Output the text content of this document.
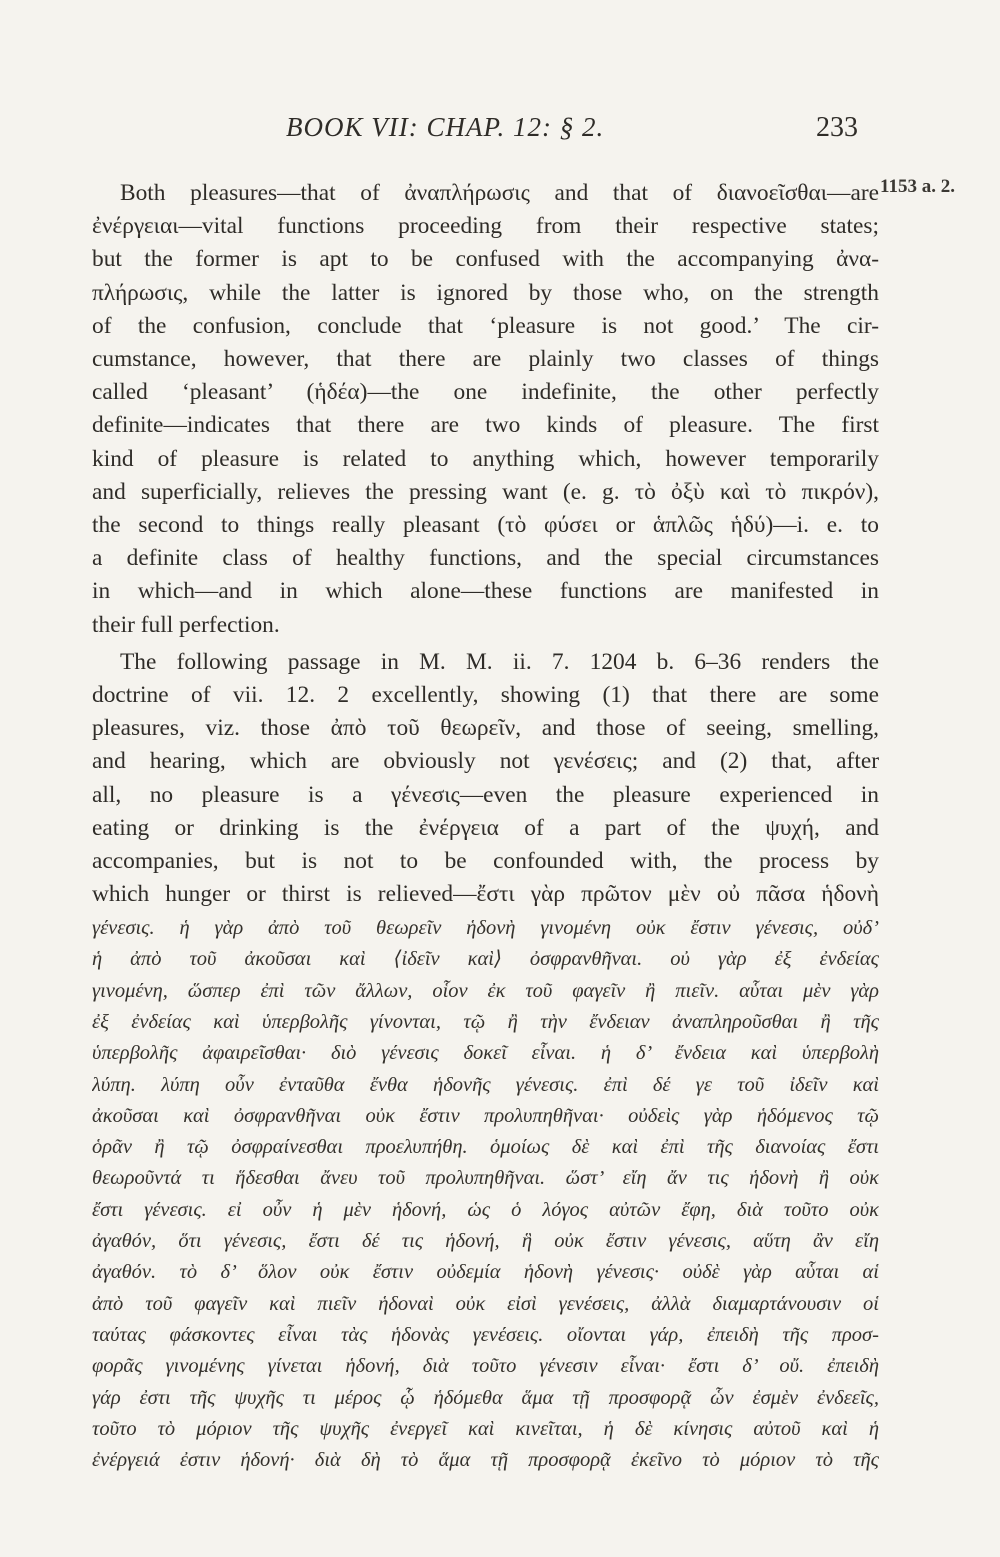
BOOK VII: CHAP. 12: § 2.	233
1153 a. 2.
Both pleasures—that of ἀναπλήρωσις and that of διανοεῖσθαι—are
ἐνέργειαι—vital functions proceeding from their respective states;
but the former is apt to be confused with the accompanying ἀνα-
πλήρωσις, while the latter is ignored by those who, on the strength
of the confusion, conclude that ‘pleasure is not good.’ The cir-
cumstance, however, that there are plainly two classes of things
called ‘pleasant’ (ἡδέα)—the one indefinite, the other perfectly
definite—indicates that there are two kinds of pleasure. The first
kind of pleasure is related to anything which, however temporarily
and superficially, relieves the pressing want (e. g. τὸ ὀξὺ καὶ τὸ πικρόν),
the second to things really pleasant (τὸ φύσει or ἁπλῶς ἡδύ)—i. e. to
a definite class of healthy functions, and the special circumstances
in which—and in which alone—these functions are manifested in
their full perfection.
The following passage in M. M. ii. 7. 1204 b. 6–36 renders the
doctrine of vii. 12. 2 excellently, showing (1) that there are some
pleasures, viz. those ἀπὸ τοῦ θεωρεῖν, and those of seeing, smelling,
and hearing, which are obviously not γενέσεις; and (2) that, after
all, no pleasure is a γένεσις—even the pleasure experienced in
eating or drinking is the ἐνέργεια of a part of the ψυχή, and
accompanies, but is not to be confounded with, the process by
which hunger or thirst is relieved—ἔστι γὰρ πρῶτον μὲν οὐ πᾶσα ἡδονὴ
γένεσις. ἡ γὰρ ἀπὸ τοῦ θεωρεῖν ἡδονὴ γινομένη οὐκ ἔστιν γένεσις, οὐδ’
ἡ ἀπὸ τοῦ ἀκοῦσαι καὶ ⟨ἰδεῖν καὶ⟩ ὀσφρανθῆναι. οὐ γὰρ ἐξ ἐνδείας
γινομένη, ὥσπερ ἐπὶ τῶν ἄλλων, οἷον ἐκ τοῦ φαγεῖν ἢ πιεῖν. αὗται μὲν γὰρ
ἐξ ἐνδείας καὶ ὑπερβολῆς γίνονται, τῷ ἢ τὴν ἔνδειαν ἀναπληροῦσθαι ἢ τῆς
ὑπερβολῆς ἀφαιρεῖσθαι· διὸ γένεσις δοκεῖ εἶναι. ἡ δ’ ἔνδεια καὶ ὑπερβολὴ
λύπη. λύπη οὖν ἐνταῦθα ἔνθα ἡδονῆς γένεσις. ἐπὶ δέ γε τοῦ ἰδεῖν καὶ
ἀκοῦσαι καὶ ὀσφρανθῆναι οὐκ ἔστιν προλυπηθῆναι· οὐδεὶς γὰρ ἡδόμενος τῷ
ὁρᾶν ἢ τῷ ὀσφραίνεσθαι προελυπήθη. ὁμοίως δὲ καὶ ἐπὶ τῆς διανοίας ἔστι
θεωροῦντά τι ἥδεσθαι ἄνευ τοῦ προλυπηθῆναι. ὥστ’ εἴη ἄν τις ἡδονὴ ἢ οὐκ
ἔστι γένεσις. εἰ οὖν ἡ μὲν ἡδονή, ὡς ὁ λόγος αὐτῶν ἔφη, διὰ τοῦτο οὐκ
ἀγαθόν, ὅτι γένεσις, ἔστι δέ τις ἡδονή, ἣ οὐκ ἔστιν γένεσις, αὕτη ἂν εἴη
ἀγαθόν. τὸ δ’ ὅλον οὐκ ἔστιν οὐδεμία ἡδονὴ γένεσις· οὐδὲ γὰρ αὗται αἱ
ἀπὸ τοῦ φαγεῖν καὶ πιεῖν ἡδοναὶ οὐκ εἰσὶ γενέσεις, ἀλλὰ διαμαρτάνουσιν οἱ
ταύτας φάσκοντες εἶναι τὰς ἡδονὰς γενέσεις. οἴονται γάρ, ἐπειδὴ τῆς προσ-
φορᾶς γινομένης γίνεται ἡδονή, διὰ τοῦτο γένεσιν εἶναι· ἔστι δ’ οὔ. ἐπειδὴ
γάρ ἐστι τῆς ψυχῆς τι μέρος ᾧ ἡδόμεθα ἅμα τῇ προσφορᾷ ὧν ἐσμὲν ἐνδεεῖς,
τοῦτο τὸ μόριον τῆς ψυχῆς ἐνεργεῖ καὶ κινεῖται, ἡ δὲ κίνησις αὐτοῦ καὶ ἡ
ἐνέργειά ἐστιν ἡδονή· διὰ δὴ τὸ ἅμα τῇ προσφορᾷ ἐκεῖνο τὸ μόριον τὸ τῆς
